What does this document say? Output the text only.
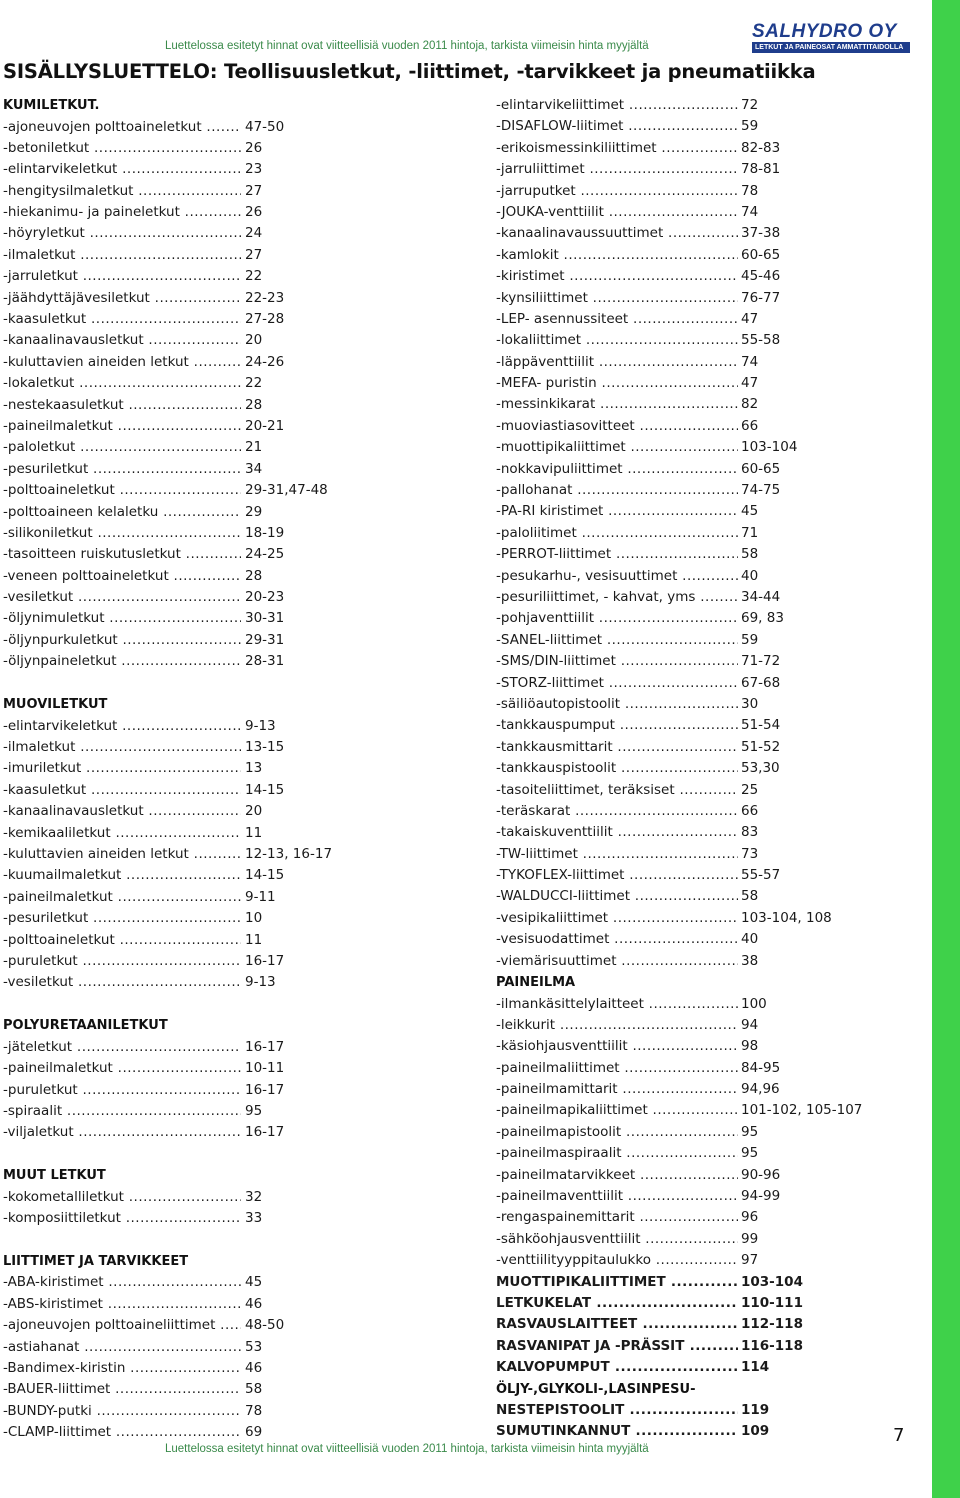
Luettelossa esitetyt hinnat ovat viitteellisiä vuoden 2011 hintoja, tarkista viimeisin hinta myyjältä
SALHYDRO OY
LETKUT JA PAINEOSAT AMMATTITAIDOLLA
SISÄLLYSLUETTELO: Teollisuusletkut, -liittimet, -tarvikkeet ja pneumatiikka
KUMILETKUT.
-ajoneuvojen polttoaineletkut .....	47-50
-betoniletkut .....	26
-elintarvikeletkut .....	23
-hengitysilmaletkut .....	27
-hiekanimu- ja paineletkut .....	26
-höyryletkut .....	24
-ilmaletkut .....	27
-jarruletkut .....	22
-jäähdyttäjävesiletkut .....	22-23
-kaasuletkut .....	27-28
-kanaalinavausletkut .....	20
-kuluttavien aineiden letkut .....	24-26
-lokaletkut .....	22
-nestekaasuletkut .....	28
-paineilmaletkut .....	20-21
-paloletkut .....	21
-pesuriletkut .....	34
-polttoaineletkut .....	29-31,47-48
-polttoaineen kelaletku .....	29
-silikoniletkut .....	18-19
-tasoitteen ruiskutusletkut .....	24-25
-veneen polttoaineletkut .....	28
-vesiletkut .....	20-23
-öljynimuletkut .....	30-31
-öljynpurkuletkut .....	29-31
-öljynpaineletkut .....	28-31
MUOVILETKUT
-elintarvikeletkut .....	9-13
-ilmaletkut .....	13-15
-imuriletkut .....	13
-kaasuletkut .....	14-15
-kanaalinavausletkut .....	20
-kemikaaliletkut .....	11
-kuluttavien aineiden letkut .....	12-13, 16-17
-kuumailmaletkut .....	14-15
-paineilmaletkut .....	9-11
-pesuriletkut .....	10
-polttoaineletkut .....	11
-puruletkut .....	16-17
-vesiletkut .....	9-13
POLYURETAANILETKUT
-jäteletkut .....	16-17
-paineilmaletkut .....	10-11
-puruletkut .....	16-17
-spiraalit .....	95
-viljaletkut .....	16-17
MUUT LETKUT
-kokometalliletkut .....	32
-komposiittiletkut .....	33
LIITTIMET JA TARVIKKEET
-ABA-kiristimet .....	45
-ABS-kiristimet .....	46
-ajoneuvojen polttoaineliittimet .....	48-50
-astiahanat .....	53
-Bandimex-kiristin .....	46
-BAUER-liittimet .....	58
-BUNDY-putki .....	78
-CLAMP-liittimet .....	69
-elintarvikeliittimet .....	72
-DISAFLOW-liitimet .....	59
-erikoismessinkiliittimet .....	82-83
-jarruliittimet .....	78-81
-jarruputket .....	78
-JOUKA-venttiilit .....	74
-kanaalinavaussuuttimet .....	37-38
-kamlokit .....	60-65
-kiristimet .....	45-46
-kynsiliittimet .....	76-77
-LEP- asennussiteet .....	47
-lokaliittimet .....	55-58
-läppäventtiilit .....	74
-MEFA- puristin .....	47
-messinkikarat .....	82
-muoviastiasovitteet .....	66
-muottipikaliittimet .....	103-104
-nokkavipuliittimet .....	60-65
-pallohanat .....	74-75
-PA-RI kiristimet .....	45
-paloliitimet .....	71
-PERROT-liittimet .....	58
-pesukarhu-, vesisuuttimet .....	40
-pesuriliittimet, - kahvat, yms .....	34-44
-pohjaventtiilit .....	69, 83
-SANEL-liittimet .....	59
-SMS/DIN-liittimet .....	71-72
-STORZ-liittimet .....	67-68
-säiliöautopistoolit .....	30
-tankkauspumput .....	51-54
-tankkausmittarit .....	51-52
-tankkauspistoolit .....	53,30
-tasoiteliittimet, teräksiset .....	25
-teräskarat .....	66
-takaiskuventtiilit .....	83
-TW-liittimet .....	73
-TYKOFLEX-liittimet .....	55-57
-WALDUCCI-liittimet .....	58
-vesipikaliittimet .....	103-104, 108
-vesisuodattimet .....	40
-viemärisuuttimet .....	38
PAINEILMA
-ilmankäsittelylaitteet .....	100
-leikkurit .....	94
-käsiohjausventtiilit .....	98
-paineilmaliittimet .....	84-95
-paineilmamittarit .....	94,96
-paineilmapikaliittimet .....	101-102, 105-107
-paineilmapistoolit .....	95
-paineilmaspiraalit .....	95
-paineilmatarvikkeet .....	90-96
-paineilmaventtiilit .....	94-99
-rengaspainemittarit .....	96
-sähköohjausventtiilit .....	99
-venttiilityyppitaulukko .....	97
MUOTTIPIKALIITTIMET .....	103-104
LETKUKELAT .....	110-111
RASVAUSLAITTEET .....	112-118
RASVANIPAT JA -PRÄSSIT .....	116-118
KALVOPUMPUT .....	114
ÖLJY-,GLYKOLI-,LASINPESU-
NESTEPISTOOLIT .....	119
SUMUTINKANNUT .....	109
Luettelossa esitetyt hinnat ovat viitteellisiä vuoden 2011 hintoja, tarkista viimeisin hinta myyjältä
7
